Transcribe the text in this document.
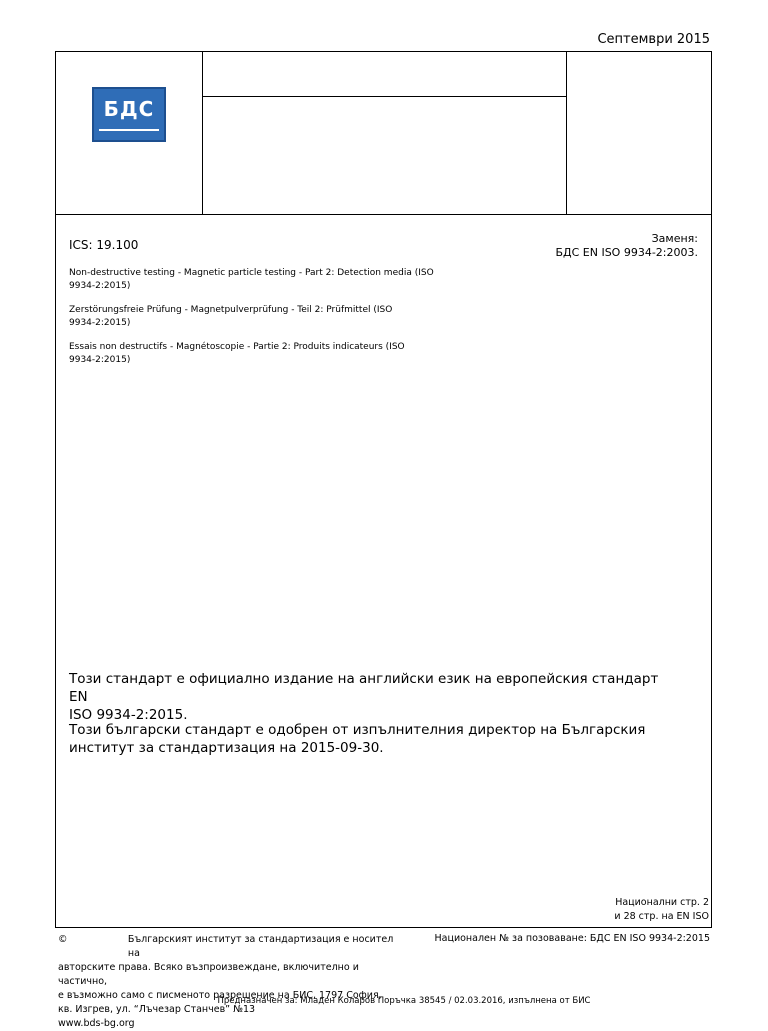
Септември 2015
БДС
ICS: 19.100	Заменя:
БДС EN ISO 9934-2:2003.
Non-destructive testing - Magnetic particle testing - Part 2: Detection media (ISO
9934-2:2015)
Zerstörungsfreie Prüfung - Magnetpulverprüfung - Teil 2: Prüfmittel (ISO
9934-2:2015)
Essais non destructifs - Magnétoscopie - Partie 2: Produits indicateurs (ISO
9934-2:2015)
Този стандарт е официално издание на английски език на европейския стандарт EN
ISO 9934-2:2015.
Този български стандарт е одобрен от изпълнителния директор на Българския
институт за стандартизация на 2015-09-30.
Национални стр. 2
и 28 стр. на EN ISO
©	Българският институт за стандартизация е носител на
авторските права. Всяко възпроизвеждане, включително и частично,
е възможно само с писменото разрешение на БИС, 1797 София,
кв. Изгрев, ул. “Лъчезар Станчев” №13
www.bds-bg.org
Национален № за позоваване: БДС EN ISO 9934-2:2015
Предназначен за: Младен Коларов Поръчка 38545 / 02.03.2016, изпълнена от БИС
